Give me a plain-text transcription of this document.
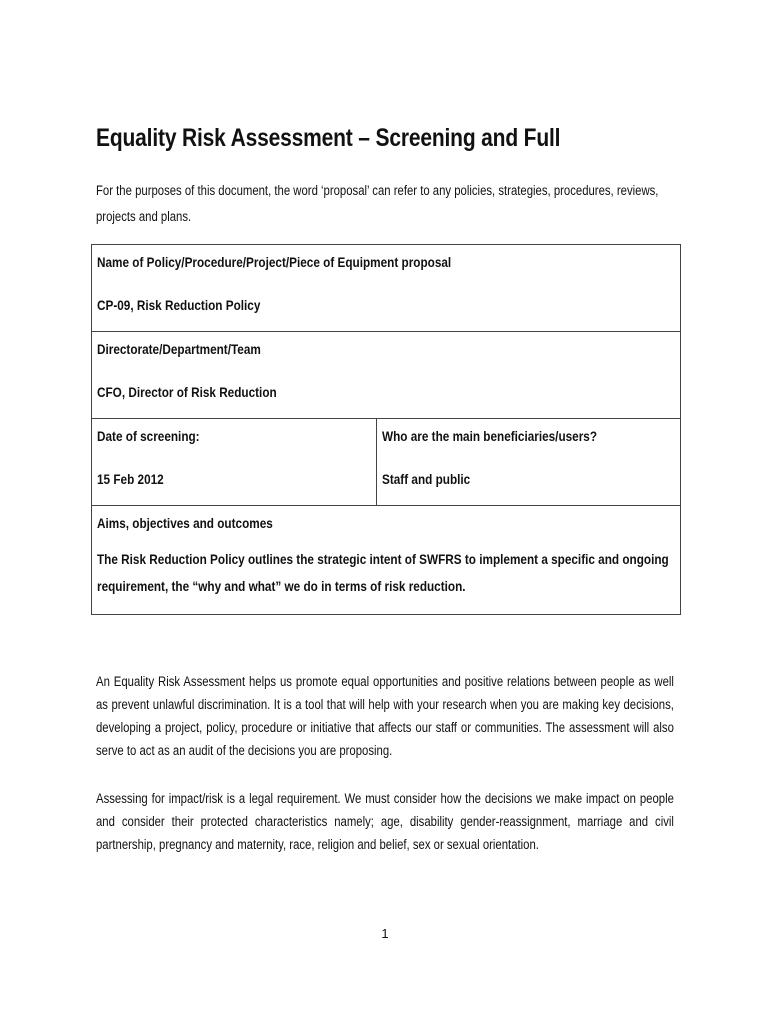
Equality Risk Assessment – Screening and Full
For the purposes of this document, the word ‘proposal’ can refer to any policies, strategies, procedures, reviews, projects and plans.
Name of Policy/Procedure/Project/Piece of Equipment proposal
CP-09, Risk Reduction Policy

Directorate/Department/Team
CFO, Director of Risk Reduction

Date of screening:
15 Feb 2012

Who are the main beneficiaries/users?
Staff and public

Aims, objectives and outcomes
The Risk Reduction Policy outlines the strategic intent of SWFRS to implement a specific and ongoing requirement, the “why and what” we do in terms of risk reduction.
An Equality Risk Assessment helps us promote equal opportunities and positive relations between people as well as prevent unlawful discrimination. It is a tool that will help with your research when you are making key decisions, developing a project, policy, procedure or initiative that affects our staff or communities. The assessment will also serve to act as an audit of the decisions you are proposing.
Assessing for impact/risk is a legal requirement. We must consider how the decisions we make impact on people and consider their protected characteristics namely; age, disability gender-reassignment, marriage and civil partnership, pregnancy and maternity, race, religion and belief, sex or sexual orientation.
1
